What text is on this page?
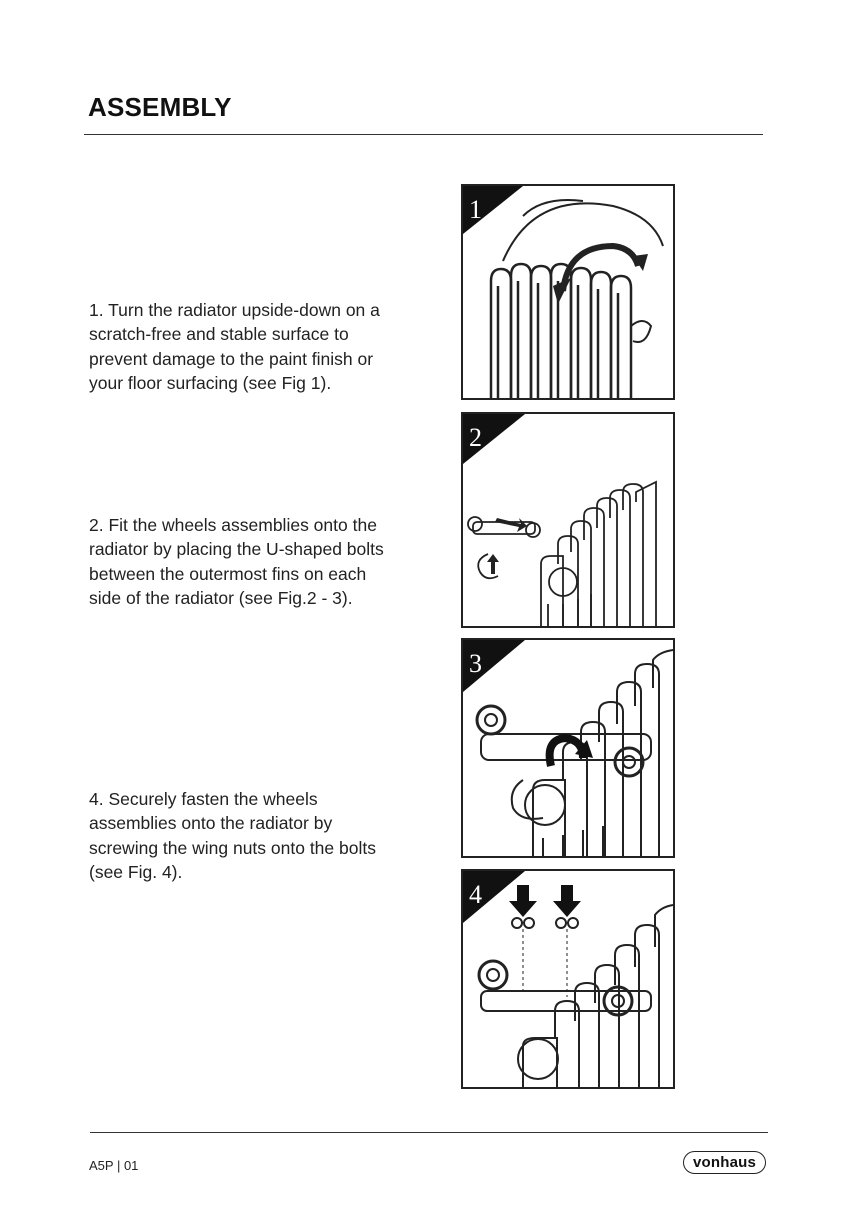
ASSEMBLY
1. Turn the radiator upside-down on a scratch-free and stable surface to prevent damage to the paint finish or your floor surfacing (see Fig 1).
2. Fit the wheels assemblies onto the radiator by placing the U-shaped bolts between the outermost fins on each side of the radiator (see Fig.2 - 3).
4. Securely fasten the wheels assemblies onto the radiator by screwing the wing nuts onto the bolts (see Fig. 4).
1
2
3
4
A5P | 01	vonhaus
